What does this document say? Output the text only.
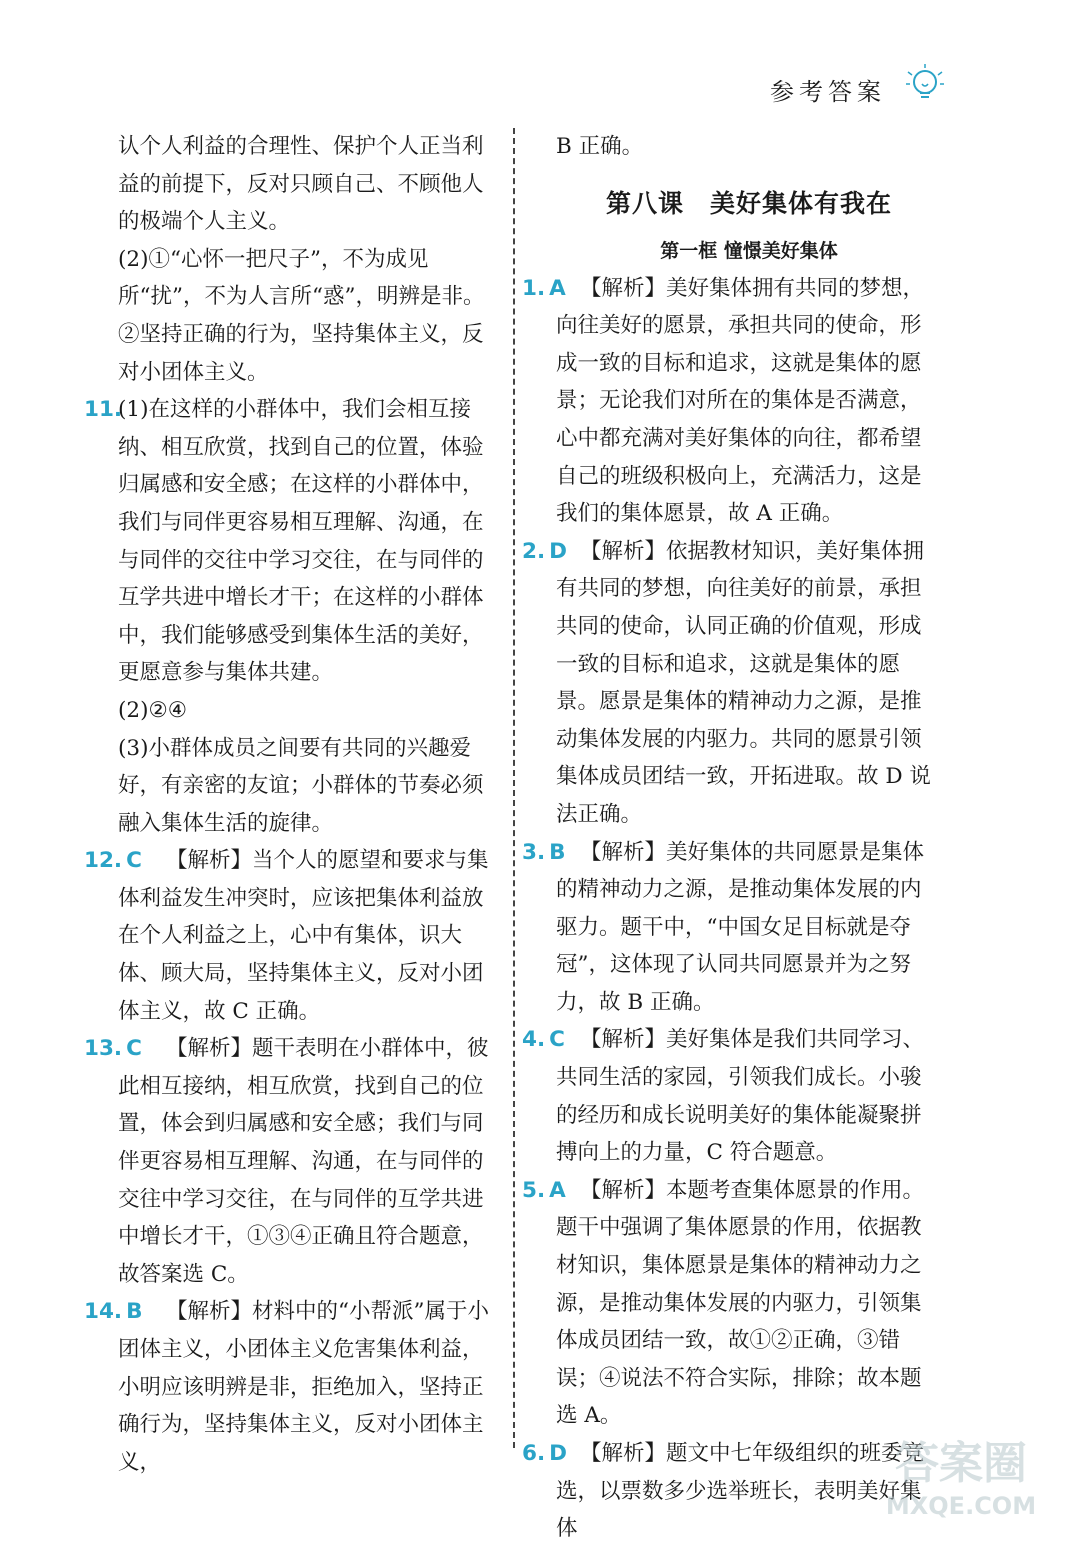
参考答案
认个人利益的合理性、保护个人正当利益的前提下，反对只顾自己、不顾他人的极端个人主义。
(2)①“心怀一把尺子”，不为成见所“扰”，不为人言所“惑”，明辨是非。②坚持正确的行为，坚持集体主义，反对小团体主义。
11.
(1)在这样的小群体中，我们会相互接纳、相互欣赏，找到自己的位置，体验归属感和安全感；在这样的小群体中，我们与同伴更容易相互理解、沟通，在与同伴的交往中学习交往，在与同伴的互学共进中增长才干；在这样的小群体中，我们能够感受到集体生活的美好，更愿意参与集体共建。
(2)②④
(3)小群体成员之间要有共同的兴趣爱好，有亲密的友谊；小群体的节奏必须融入集体生活的旋律。
12. C	【解析】当个人的愿望和要求与集体利益发生冲突时，应该把集体利益放在个人利益之上，心中有集体，识大体、顾大局，坚持集体主义，反对小团体主义，故 C 正确。
13. C	【解析】题干表明在小群体中，彼此相互接纳，相互欣赏，找到自己的位置，体会到归属感和安全感；我们与同伴更容易相互理解、沟通，在与同伴的交往中学习交往，在与同伴的互学共进中增长才干，①③④正确且符合题意，故答案选 C。
14. B	【解析】材料中的“小帮派”属于小团体主义，小团体主义危害集体利益，小明应该明辨是非，拒绝加入，坚持正确行为，坚持集体主义，反对小团体主义，
B 正确。
第八课　美好集体有我在
第一框 憧憬美好集体
1. A 【解析】美好集体拥有共同的梦想，向往美好的愿景，承担共同的使命，形成一致的目标和追求，这就是集体的愿景；无论我们对所在的集体是否满意，心中都充满对美好集体的向往，都希望自己的班级积极向上，充满活力，这是我们的集体愿景，故 A 正确。
2. D 【解析】依据教材知识，美好集体拥有共同的梦想，向往美好的前景，承担共同的使命，认同正确的价值观，形成一致的目标和追求，这就是集体的愿景。愿景是集体的精神动力之源，是推动集体发展的内驱力。共同的愿景引领集体成员团结一致，开拓进取。故 D 说法正确。
3. B 【解析】美好集体的共同愿景是集体的精神动力之源，是推动集体发展的内驱力。题干中，“中国女足目标就是夺冠”，这体现了认同共同愿景并为之努力，故 B 正确。
4. C 【解析】美好集体是我们共同学习、共同生活的家园，引领我们成长。小骏的经历和成长说明美好的集体能凝聚拼搏向上的力量，C 符合题意。
5. A 【解析】本题考查集体愿景的作用。题干中强调了集体愿景的作用，依据教材知识，集体愿景是集体的精神动力之源，是推动集体发展的内驱力，引领集体成员团结一致，故①②正确，③错误；④说法不符合实际，排除；故本题选 A。
6. D 【解析】题文中七年级组织的班委竞选，以票数多少选举班长，表明美好集体
答案圈
MXQE.COM
